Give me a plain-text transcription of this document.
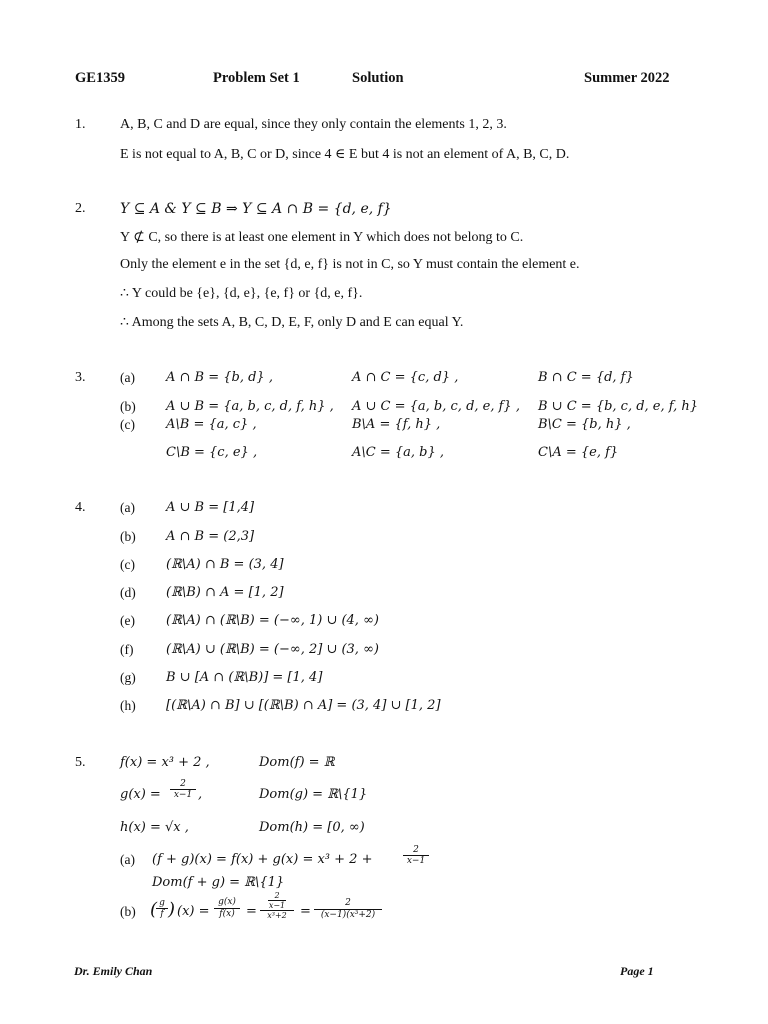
GE1359	Problem Set 1	Solution	Summer 2022
1. A, B, C and D are equal, since they only contain the elements 1, 2, 3.
E is not equal to A, B, C or D, since 4 ∈ E but 4 is not an element of A, B, C, D.
2. Y ⊆ A & Y ⊆ B ⇒ Y ⊆ A ∩ B = {d, e, f}
Y ⊄ C, so there is at least one element in Y which does not belong to C.
Only the element e in the set {d, e, f} is not in C, so Y must contain the element e.
∴ Y could be {e}, {d, e}, {e, f} or {d, e, f}.
∴ Among the sets A, B, C, D, E, F, only D and E can equal Y.
3.	(a) A ∩ B = {b, d} ,	A ∩ C = {c, d} ,	B ∩ C = {d, f}
(b) A ∪ B = {a, b, c, d, f, h} , A ∪ C = {a, b, c, d, e, f} , B ∪ C = {b, c, d, e, f, h}
(c) A\B = {a, c} ,	B\A = {f, h} ,	B\C = {b, h} ,
C\B = {c, e} ,	A\C = {a, b} ,	C\A = {e, f}
4.	(a) A ∪ B = [1,4]
(b) A ∩ B = (2,3]
(c) (ℝ\A) ∩ B = (3, 4]
(d) (ℝ\B) ∩ A = [1, 2]
(e) (ℝ\A) ∩ (ℝ\B) = (−∞, 1) ∪ (4, ∞)
(f)	(ℝ\A) ∪ (ℝ\B) = (−∞, 2] ∪ (3, ∞)
(g) B ∪ [A ∩ (ℝ\B)] = [1, 4]
(h) [(ℝ\A) ∩ B] ∪ [(ℝ\B) ∩ A] = (3, 4] ∪ [1, 2]
5.	f(x) = x³ + 2 ,	Dom(f) = ℝ
$g(x) = \frac{2}{x-1}$ ,	Dom(g) = ℝ\{1}
h(x) = √x ,	Dom(h) = [0, ∞)
(a) (f + g)(x) = f(x) + g(x) = x³ + 2 +	$\frac{2}{x-1}$
Dom(f + g) = ℝ\{1}
(b) (
$\frac{g}{f}$ ) $(x) = \frac{g(x)}{f(x)}$ =
2
x−1
x³+2	= $\frac{2}{\text{(x−1)(x³+2)}}$
Dr. Emily Chan	Page 1
